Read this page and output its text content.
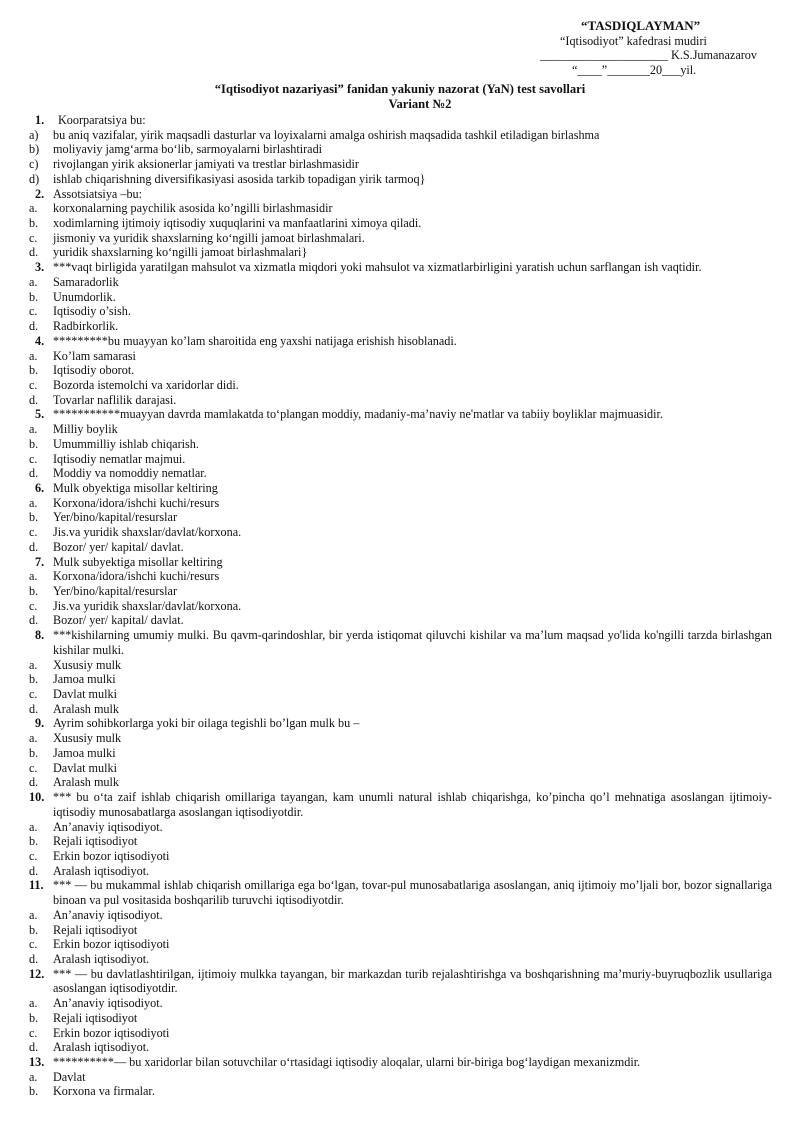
“TASDIQLAYMAN”
“Iqtisodiyot” kafedrasi mudiri
_____________________ K.S.Jumanazarov
“____”_______20___yil.
“Iqtisodiyot nazariyasi” fanidan yakuniy nazorat (YaN) test savollari
Variant №2
1. Koorparatsiya bu:
a) bu aniq vazifalar, yirik maqsadli dasturlar va loyixalarni amalga oshirish maqsadida tashkil etiladigan birlashma
b) moliyaviy jamg‘arma bo‘lib, sarmoyalarni birlashtiradi
c) rivojlangan yirik aksionerlar jamiyati va trestlar birlashmasidir
d) ishlab chiqarishning diversifikasiyasi asosida tarkib topadigan yirik tarmoq}
2. Assotsiatsiya –bu:
a. korxonalarning paychilik asosida ko’ngilli birlashmasidir
b. xodimlarning ijtimoiy iqtisodiy xuquqlarini va manfaatlarini ximoya qiladi.
c. jismoniy va yuridik shaxslarning ko‘ngilli jamoat birlashmalari.
d. yuridik shaxslarning ko‘ngilli jamoat birlashmalari}
3. ***vaqt birligida yaratilgan mahsulot va xizmatla miqdori yoki mahsulot va xizmatlarbirligini yaratish uchun sarflangan ish vaqtidir.
a. Samaradorlik
b. Unumdorlik.
c. Iqtisodiy o’sish.
d. Radbirkorlik.
4. *********bu muayyan ko’lam sharoitida eng yaxshi natijaga erishish hisoblanadi.
a. Ko’lam samarasi
b. Iqtisodiy oborot.
c. Bozorda istemolchi va xaridorlar didi.
d. Tovarlar naflilik darajasi.
5. ***********muayyan davrda mamlakatda to‘plangan moddiy, madaniy-ma’naviy ne'matlar va tabiiy boyliklar majmuasidir.
a. Milliy boylik
b. Umummilliy ishlab chiqarish.
c. Iqtisodiy nematlar majmui.
d. Moddiy va nomoddiy nematlar.
6. Mulk obyektiga misollar keltiring
a. Korxona/idora/ishchi kuchi/resurs
b. Yer/bino/kapital/resurslar
c. Jis.va yuridik shaxslar/davlat/korxona.
d. Bozor/ yer/ kapital/ davlat.
7. Mulk subyektiga misollar keltiring
a. Korxona/idora/ishchi kuchi/resurs
b. Yer/bino/kapital/resurslar
c. Jis.va yuridik shaxslar/davlat/korxona.
d. Bozor/ yer/ kapital/ davlat.
8. ***kishilarning umumiy mulki. Bu qavm-qarindoshlar, bir yerda istiqomat qiluvchi kishilar va ma’lum maqsad yo'lida ko'ngilli tarzda birlashgan kishilar mulki.
a. Xususiy mulk
b. Jamoa mulki
c. Davlat mulki
d. Aralash mulk
9. Ayrim sohibkorlarga yoki bir oilaga tegishli bo’lgan mulk bu –
a. Xususiy mulk
b. Jamoa mulki
c. Davlat mulki
d. Aralash mulk
10. *** bu o‘ta zaif ishlab chiqarish omillariga tayangan, kam unumli natural ishlab chiqarishga, ko’pincha qo’l mehnatiga asoslangan ijtimoiy-iqtisodiy munosabatlarga asoslangan iqtisodiyotdir.
a. An’anaviy iqtisodiyot.
b. Rejali iqtisodiyot
c. Erkin bozor iqtisodiyoti
d. Aralash iqtisodiyot.
11. *** — bu mukammal ishlab chiqarish omillariga ega bo‘lgan, tovar-pul munosabatlariga asoslangan, aniq ijtimoiy mo’ljali bor, bozor signallariga binoan va pul vositasida boshqarilib turuvchi iqtisodiyotdir.
a. An’anaviy iqtisodiyot.
b. Rejali iqtisodiyot
c. Erkin bozor iqtisodiyoti
d. Aralash iqtisodiyot.
12. *** — bu davlatlashtirilgan, ijtimoiy mulkka tayangan, bir markazdan turib rejalashtirishga va boshqarishning ma’muriy-buyruqbozlik usullariga asoslangan iqtisodiyotdir.
a. An’anaviy iqtisodiyot.
b. Rejali iqtisodiyot
c. Erkin bozor iqtisodiyoti
d. Aralash iqtisodiyot.
13. **********— bu xaridorlar bilan sotuvchilar o‘rtasidagi iqtisodiy aloqalar, ularni bir-biriga bog‘laydigan mexanizmdir.
a. Davlat
b. Korxona va firmalar.
